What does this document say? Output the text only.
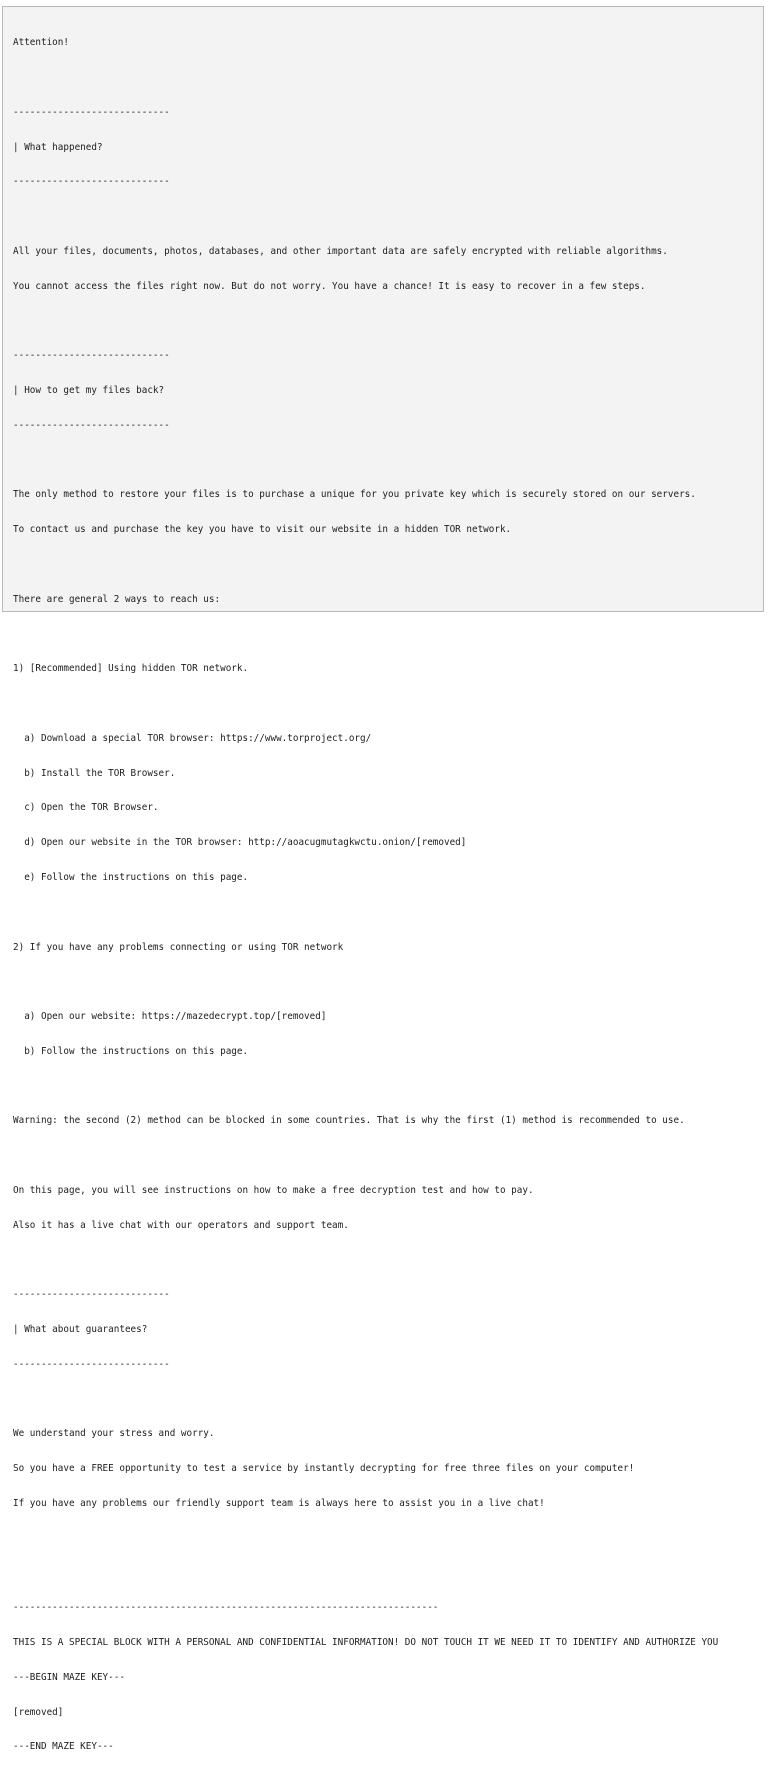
Attention!

----------------------------

| What happened?

----------------------------

All your files, documents, photos, databases, and other important data are safely encrypted with reliable algorithms.

You cannot access the files right now. But do not worry. You have a chance! It is easy to recover in a few steps.

----------------------------

| How to get my files back?

----------------------------

The only method to restore your files is to purchase a unique for you private key which is securely stored on our servers.

To contact us and purchase the key you have to visit our website in a hidden TOR network.

There are general 2 ways to reach us:

1) [Recommended] Using hidden TOR network.

a) Download a special TOR browser: https://www.torproject.org/

b) Install the TOR Browser.

c) Open the TOR Browser.

d) Open our website in the TOR browser: http://aoacugmutagkwctu.onion/[removed]

e) Follow the instructions on this page.

2) If you have any problems connecting or using TOR network

a) Open our website: https://mazedecrypt.top/[removed]

b) Follow the instructions on this page.

Warning: the second (2) method can be blocked in some countries. That is why the first (1) method is recommended to use.

On this page, you will see instructions on how to make a free decryption test and how to pay.

Also it has a live chat with our operators and support team.

----------------------------

| What about guarantees?

----------------------------

We understand your stress and worry.

So you have a FREE opportunity to test a service by instantly decrypting for free three files on your computer!

If you have any problems our friendly support team is always here to assist you in a live chat!

----------------------------------------------------------------------------

THIS IS A SPECIAL BLOCK WITH A PERSONAL AND CONFIDENTIAL INFORMATION! DO NOT TOUCH IT WE NEED IT TO IDENTIFY AND AUTHORIZE YOU

---BEGIN MAZE KEY---

[removed]

---END MAZE KEY---
